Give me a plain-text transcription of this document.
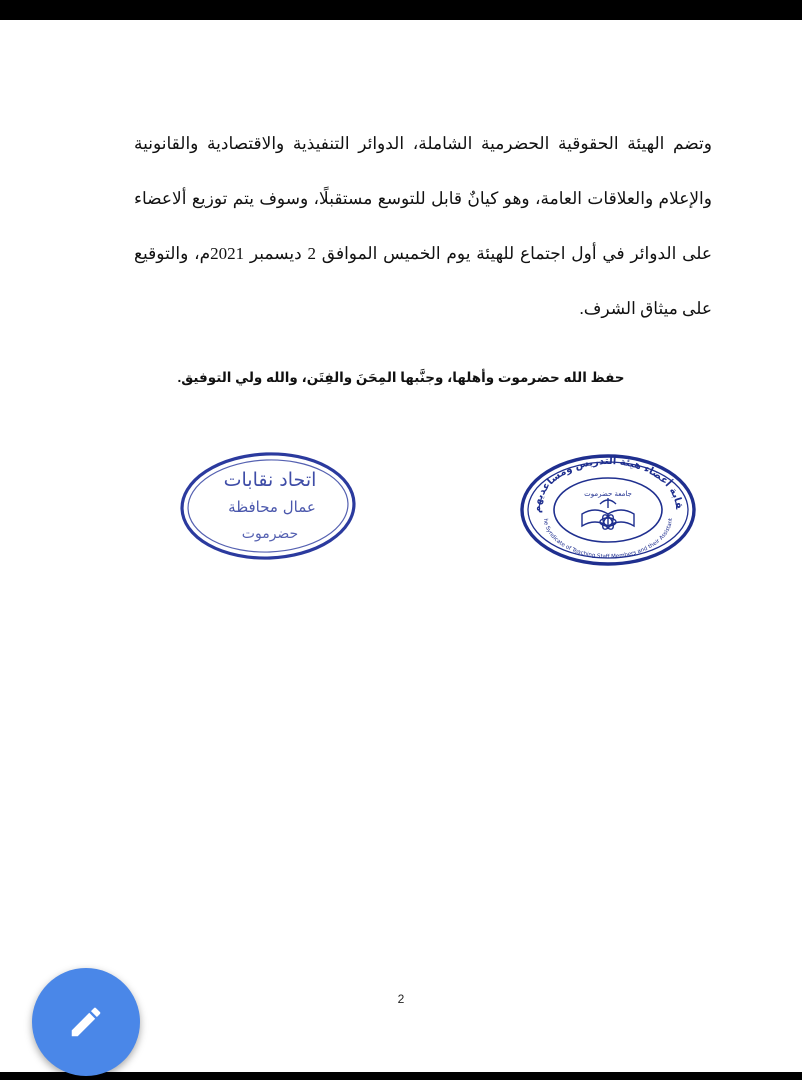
وتضم الهيئة الحقوقية الحضرمية الشاملة، الدوائر التنفيذية والاقتصادية والقانونية والإعلام والعلاقات العامة، وهو كيانٌ قابل للتوسع مستقبلًا، وسوف يتم توزيع ألاعضاء على الدوائر في أول اجتماع للهيئة يوم الخميس الموافق 2 ديسمبر 2021م، والتوقيع على ميثاق الشرف.

حفظ الله حضرموت وأهلها، وجنَّبها المِحَنَ والفِتَن، والله ولي التوفيق.
اتحاد نقابات
عمال محافظة
حضرموت
قابة أعضاء هيئة التدريس ومساعديهم
he Syndicate of Teaching Staff Members and their Assistant
جامعة حضرموت
2
